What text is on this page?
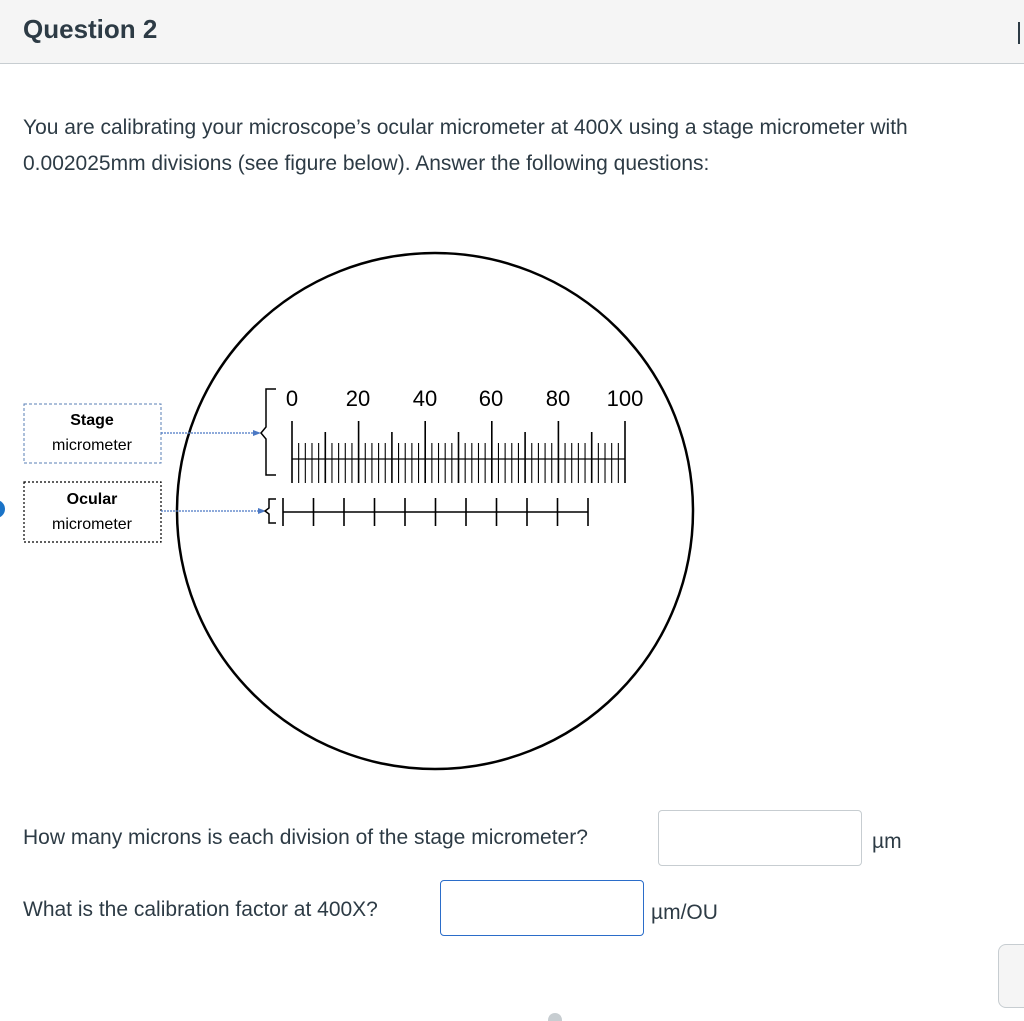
Question 2
You are calibrating your microscope’s ocular micrometer at 400X using a stage micrometer with 0.002025mm divisions (see figure below). Answer the following questions:
Stage
micrometer
Ocular
micrometer
0 20 40 60 80 100
How many microns is each division of the stage micrometer?	µm
What is the calibration factor at 400X?	µm/OU
